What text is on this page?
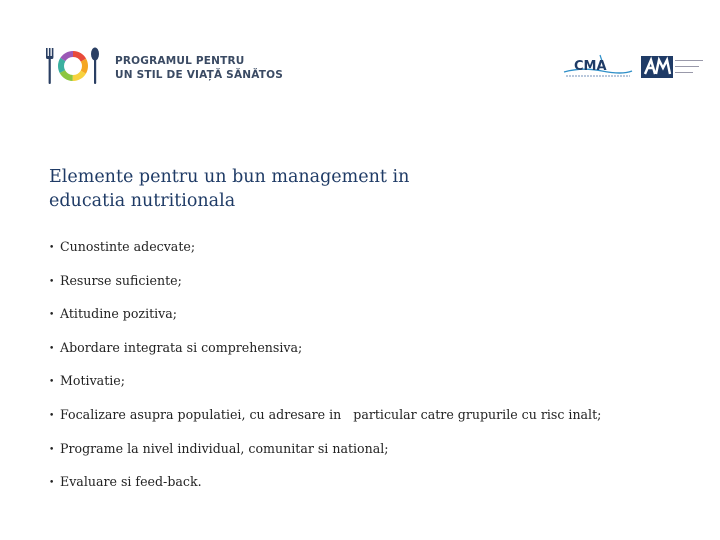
PROGRAMUL PENTRU
UN STIL DE VIAȚĂ SĂNĂTOS
CMA
Elemente pentru un bun management in educatia nutritionala
• Cunostinte adecvate;
• Resurse suficiente;
• Atitudine pozitiva;
• Abordare integrata si comprehensiva;
• Motivatie;
• Focalizare asupra populatiei, cu adresare in   particular catre grupurile cu risc inalt;
• Programe la nivel individual, comunitar si national;
• Evaluare si feed-back.
